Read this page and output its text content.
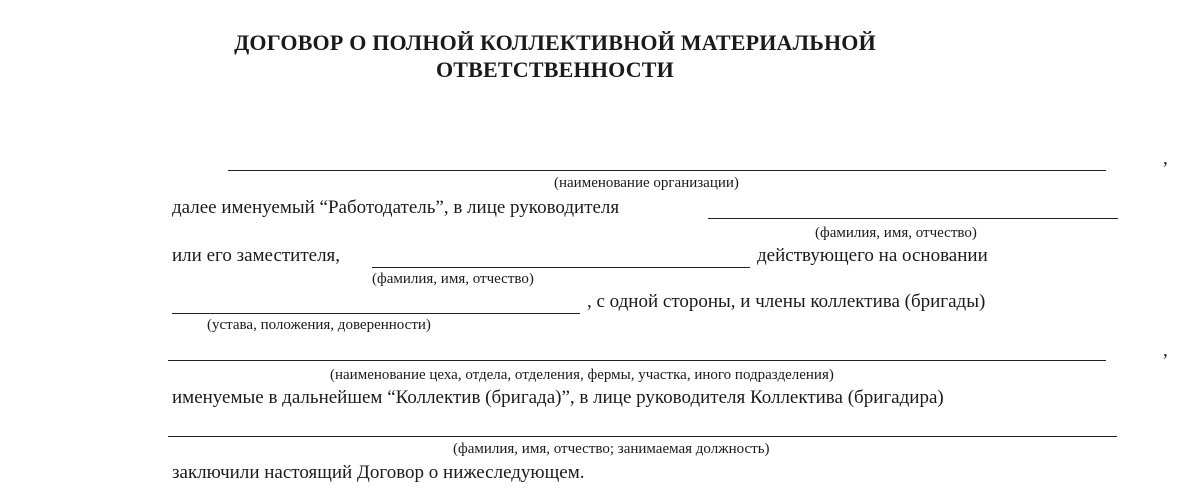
ДОГОВОР О ПОЛНОЙ КОЛЛЕКТИВНОЙ МАТЕРИАЛЬНОЙ
ОТВЕТСТВЕННОСТИ
,
(наименование организации)
далее именуемый “Работодатель”, в лице руководителя
(фамилия, имя, отчество)
или его заместителя,	действующего на основании
(фамилия, имя, отчество)
, с одной стороны, и члены коллектива (бригады)
(устава, положения, доверенности)
,
(наименование цеха, отдела, отделения, фермы, участка, иного подразделения)
именуемые в дальнейшем “Коллектив (бригада)”, в лице руководителя Коллектива (бригадира)
(фамилия, имя, отчество; занимаемая должность)
заключили настоящий Договор о нижеследующем.
